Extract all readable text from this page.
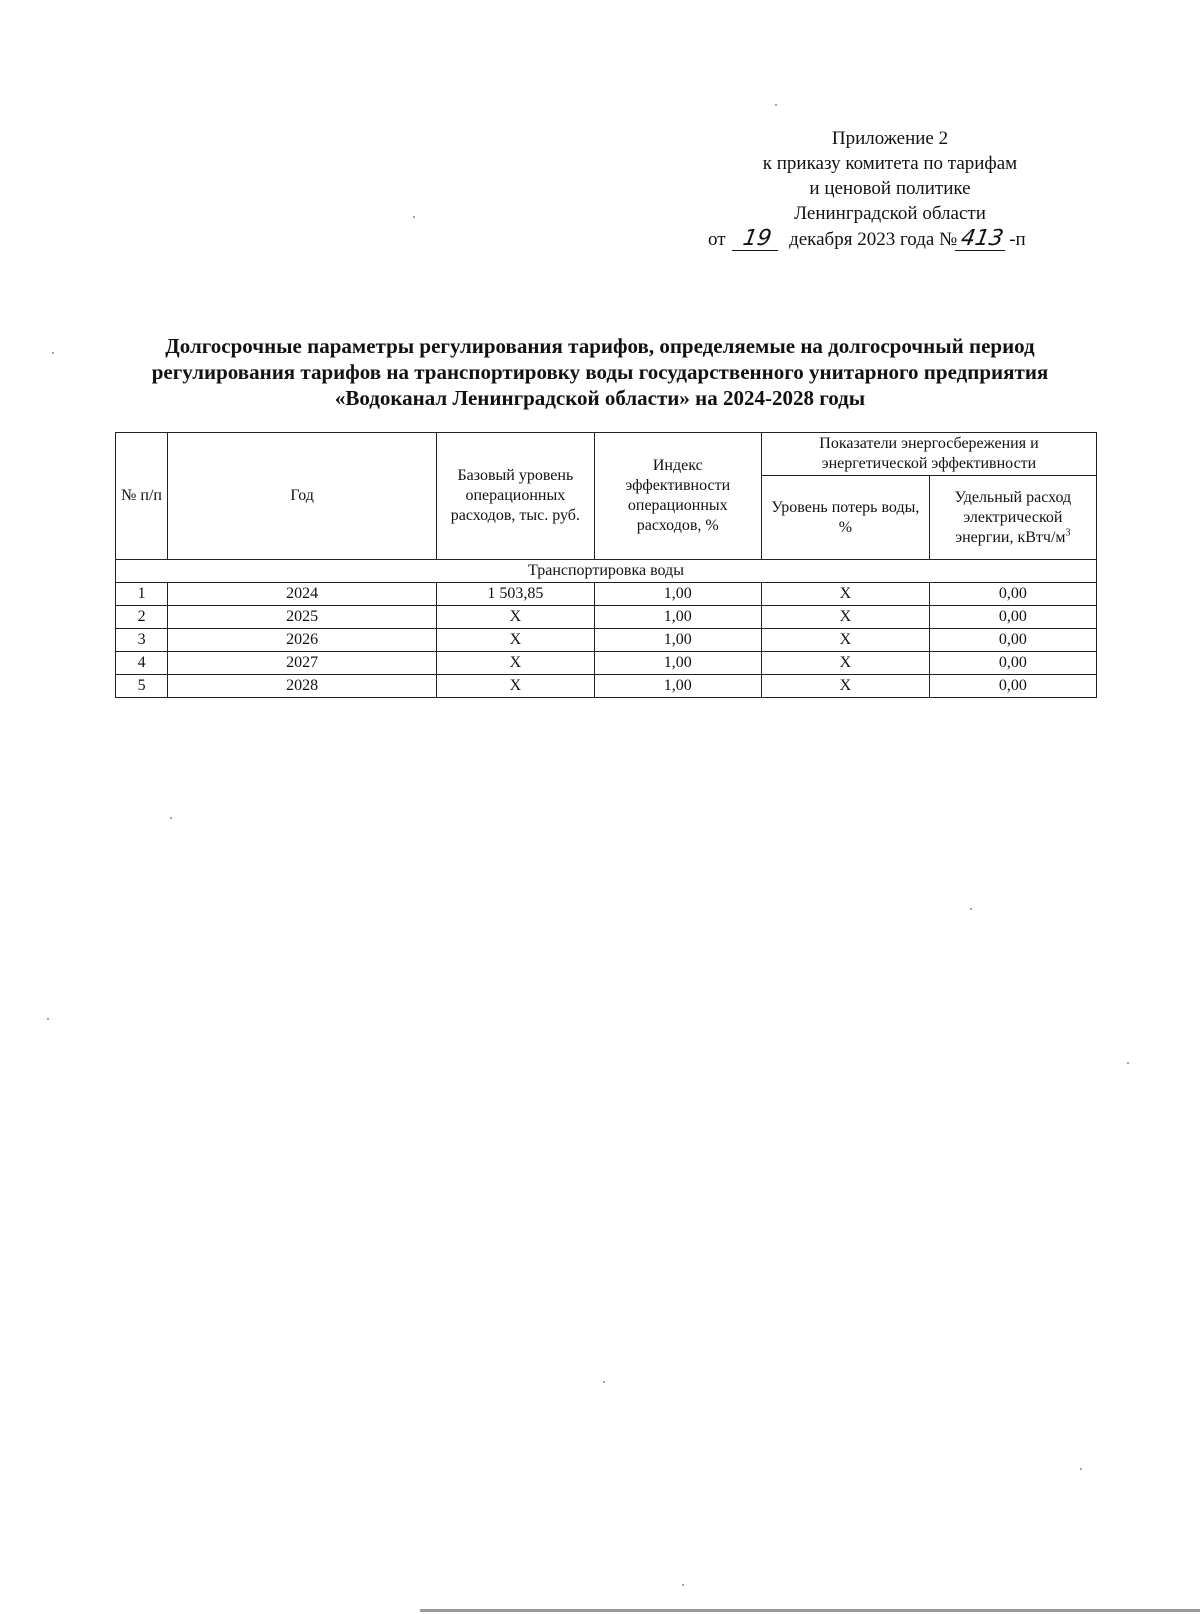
Приложение 2
к приказу комитета по тарифам
и ценовой политике
Ленинградской области
от 19 декабря 2023 года №413 -п
Долгосрочные параметры регулирования тарифов, определяемые на долгосрочный период
регулирования тарифов на транспортировку воды государственного унитарного предприятия
«Водоканал Ленинградской области» на 2024-2028 годы
№ п/п	Год	Базовый уровень операционных расходов, тыс. руб.	Индекс эффективности операционных расходов, %	Показатели энергосбережения и энергетической эффективности	
				Уровень потерь воды, %	Удельный расход электрической энергии, кВтч/$м^3$
Транспортировка воды					
1	2024	1 503,85	1,00	Х	0,00
2	2025	Х	1,00	Х	0,00
3	2026	Х	1,00	Х	0,00
4	2027	Х	1,00	Х	0,00
5	2028	Х	1,00	Х	0,00
